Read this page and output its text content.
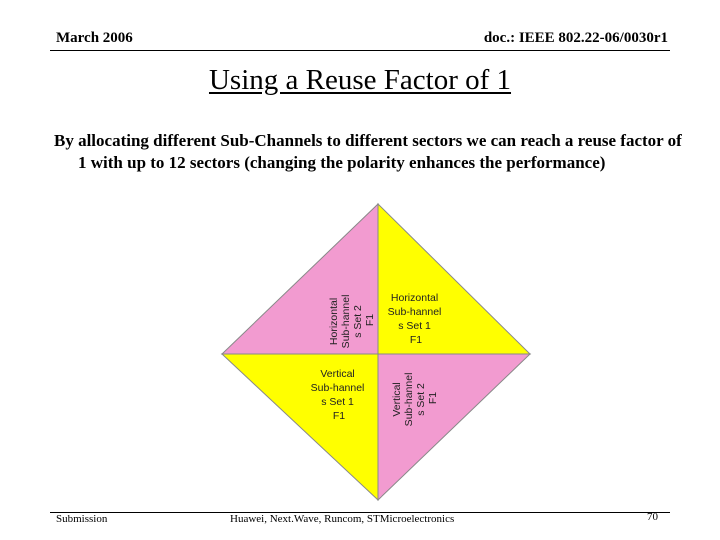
March 2006	doc.: IEEE 802.22-06/0030r1
Using a Reuse Factor of 1
By allocating different Sub-Channels to different sectors we can reach a reuse factor of 1 with up to 12 sectors (changing the polarity enhances the performance)
Horizontal Sub-hannel s Set 2 F1
Horizontal Sub-hannel s Set 1 F1
Vertical Sub-hannel s Set 1 F1	Vertical Sub-hannel s Set 2 F1
Submission	Huawei, Next.Wave, Runcom, STMicroelectronics	70
